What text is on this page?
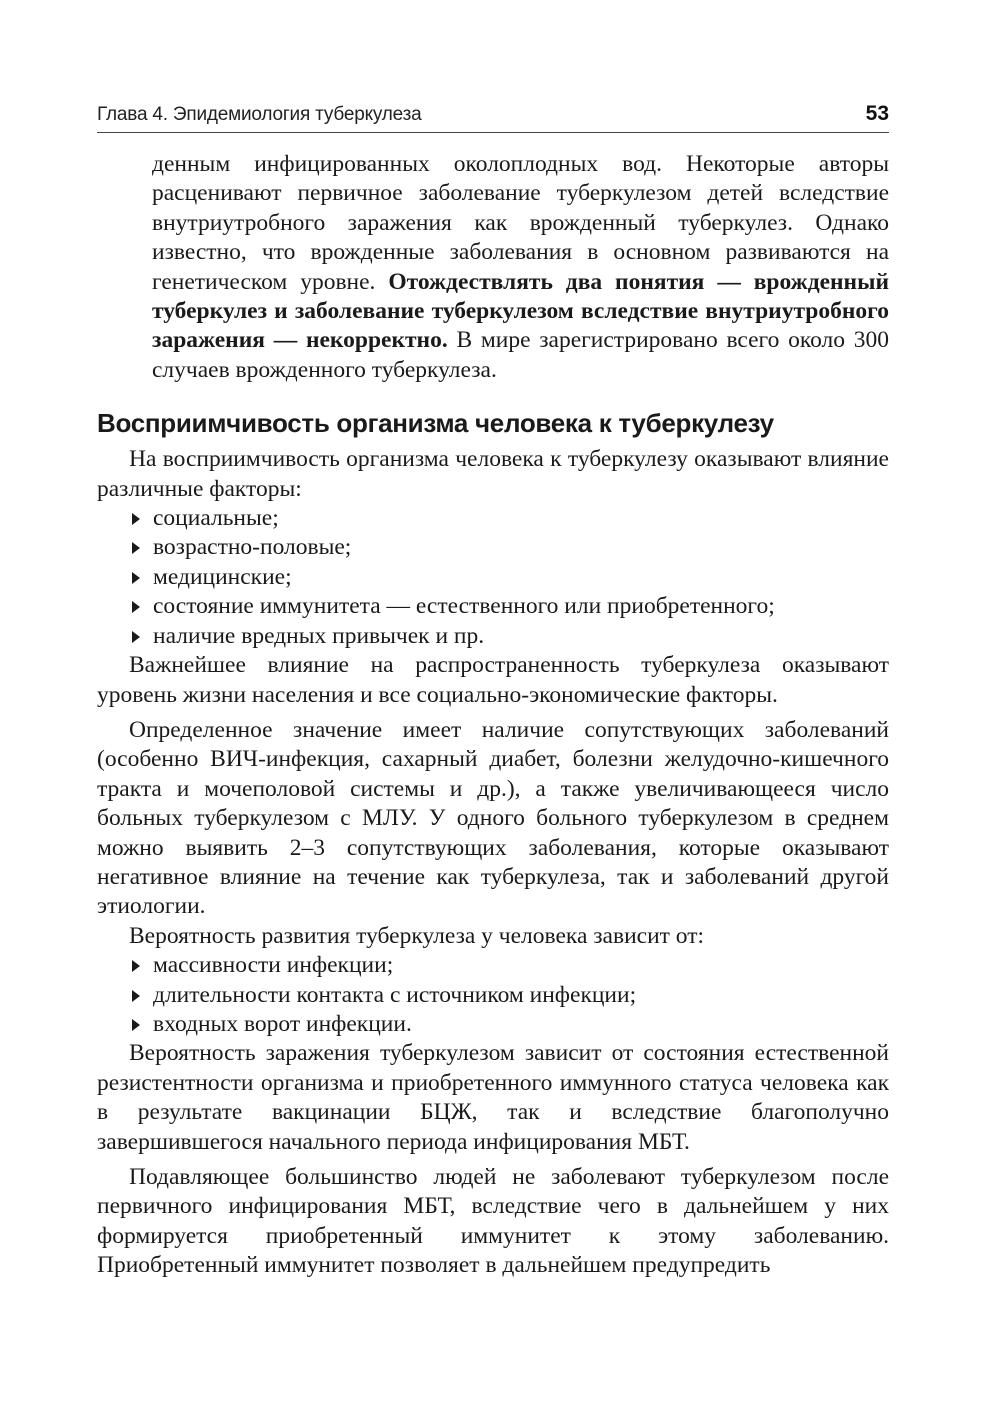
Глава 4. Эпидемиология туберкулеза	53

денным инфицированных околоплодных вод. Некоторые авторы расценивают первичное заболевание туберкулезом детей вследствие внутриутробного заражения как врожденный туберкулез. Однако известно, что врожденные заболевания в основном развиваются на генетическом уровне. Отождествлять два понятия — врожденный туберкулез и заболевание туберкулезом вследствие внутриутробного заражения — некорректно. В мире зарегистрировано всего около 300 случаев врожденного туберкулеза.

Восприимчивость организма человека к туберкулезу

На восприимчивость организма человека к туберкулезу оказывают влияние различные факторы:

социальные;
возрастно-половые;
медицинские;
состояние иммунитета — естественного или приобретенного;
наличие вредных привычек и пр.

Важнейшее влияние на распространенность туберкулеза оказывают уровень жизни населения и все социально-экономические факторы.

Определенное значение имеет наличие сопутствующих заболеваний (особенно ВИЧ-инфекция, сахарный диабет, болезни желудочно-кишечного тракта и мочеполовой системы и др.), а также увеличивающееся число больных туберкулезом с МЛУ. У одного больного туберкулезом в среднем можно выявить 2–3 сопутствующих заболевания, которые оказывают негативное влияние на течение как туберкулеза, так и заболеваний другой этиологии.

Вероятность развития туберкулеза у человека зависит от:

массивности инфекции;
длительности контакта с источником инфекции;
входных ворот инфекции.

Вероятность заражения туберкулезом зависит от состояния естественной резистентности организма и приобретенного иммунного статуса человека как в результате вакцинации БЦЖ, так и вследствие благополучно завершившегося начального периода инфицирования МБТ.

Подавляющее большинство людей не заболевают туберкулезом после первичного инфицирования МБТ, вследствие чего в дальнейшем у них формируется приобретенный иммунитет к этому заболеванию. Приобретенный иммунитет позволяет в дальнейшем предупредить
